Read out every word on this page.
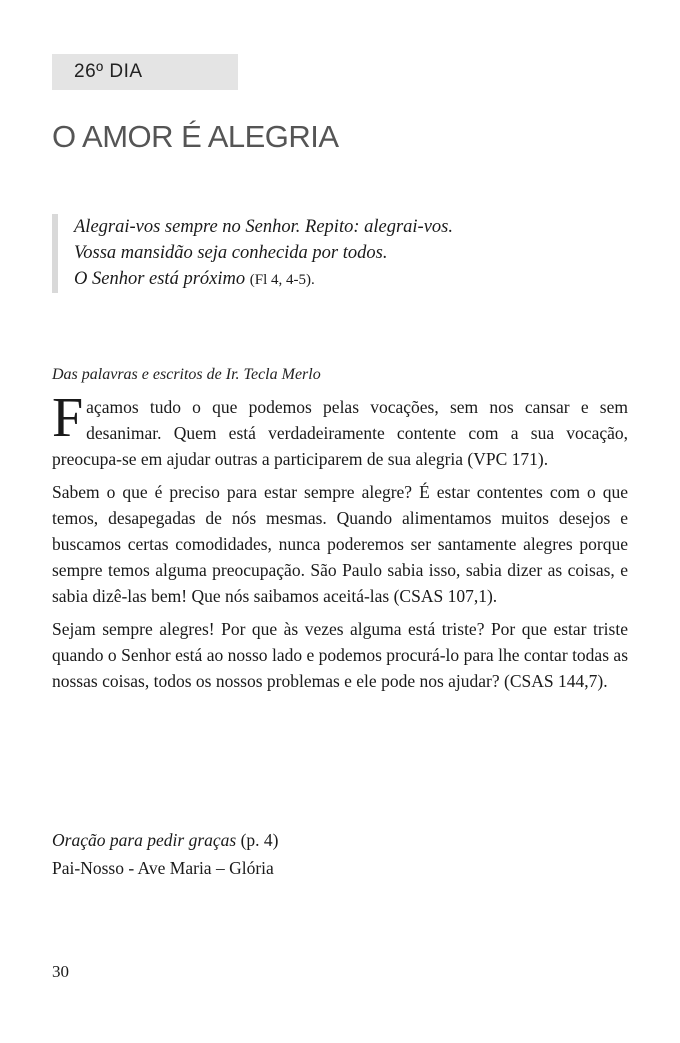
26º DIA
O AMOR É ALEGRIA
Alegrai-vos sempre no Senhor. Repito: alegrai-vos.
Vossa mansidão seja conhecida por todos.
O Senhor está próximo (Fl 4, 4-5).
Das palavras e escritos de Ir. Tecla Merlo

Façamos tudo o que podemos pelas vocações, sem nos cansar e sem desanimar. Quem está verdadeiramente contente com a sua vocação, preocupa-se em ajudar outras a participarem de sua alegria (VPC 171).

Sabem o que é preciso para estar sempre alegre? É estar contentes com o que temos, desapegadas de nós mesmas. Quando alimentamos muitos desejos e buscamos certas comodidades, nunca poderemos ser santamente alegres porque sempre temos alguma preocupação. São Paulo sabia isso, sabia dizer as coisas, e sabia dizê-las bem! Que nós saibamos aceitá-las (CSAS 107,1).

Sejam sempre alegres! Por que às vezes alguma está triste? Por que estar triste quando o Senhor está ao nosso lado e podemos procurá-lo para lhe contar todas as nossas coisas, todos os nossos problemas e ele pode nos ajudar? (CSAS 144,7).

Oração para pedir graças (p. 4)
Pai-Nosso - Ave Maria – Glória
30
